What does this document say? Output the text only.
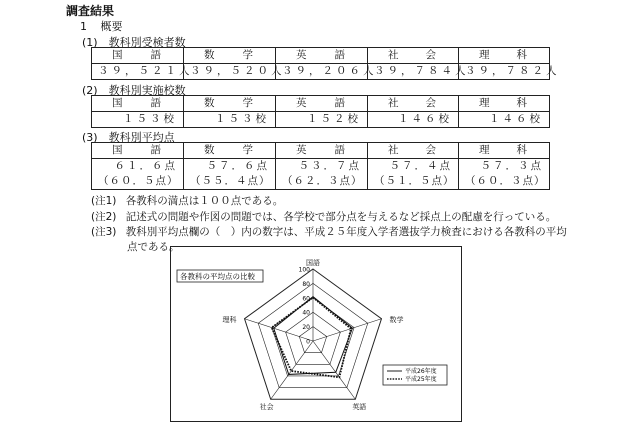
調査結果
1 概要
(1)　教科別受検者数
国 語	数 学	英 語	社 会	理 科

３９，５２１人	３９，５２０人	３９，２０６人	３９，７８４人	３９，７８２人
(2)　教科別実施校数
国 語	数 学	英 語	社 会	理 科

１５３校	１５３校	１５２校	１４６校	１４６校
(3)　教科別平均点
国 語	数 学	英 語	社 会	理 科

６１．６点	５７．６点	５３．７点	５７．４点	５７．３点
（６０．５点）	（５５．４点）	（６２．３点）	（５１．５点）	（６０．３点）
(注1) 各教科の満点は１００点である。
(注2) 記述式の問題や作図の問題では、各学校で部分点を与えるなど採点上の配慮を行っている。
(注3) 教科別平均点欄の（　）内の数字は、平成２５年度入学者選抜学力検査における各教科の平均
点である。
各教科の平均点の比較
0
20
40
60
80
100
国語
数学
英語
社会
理科
平成26年度
平成25年度
